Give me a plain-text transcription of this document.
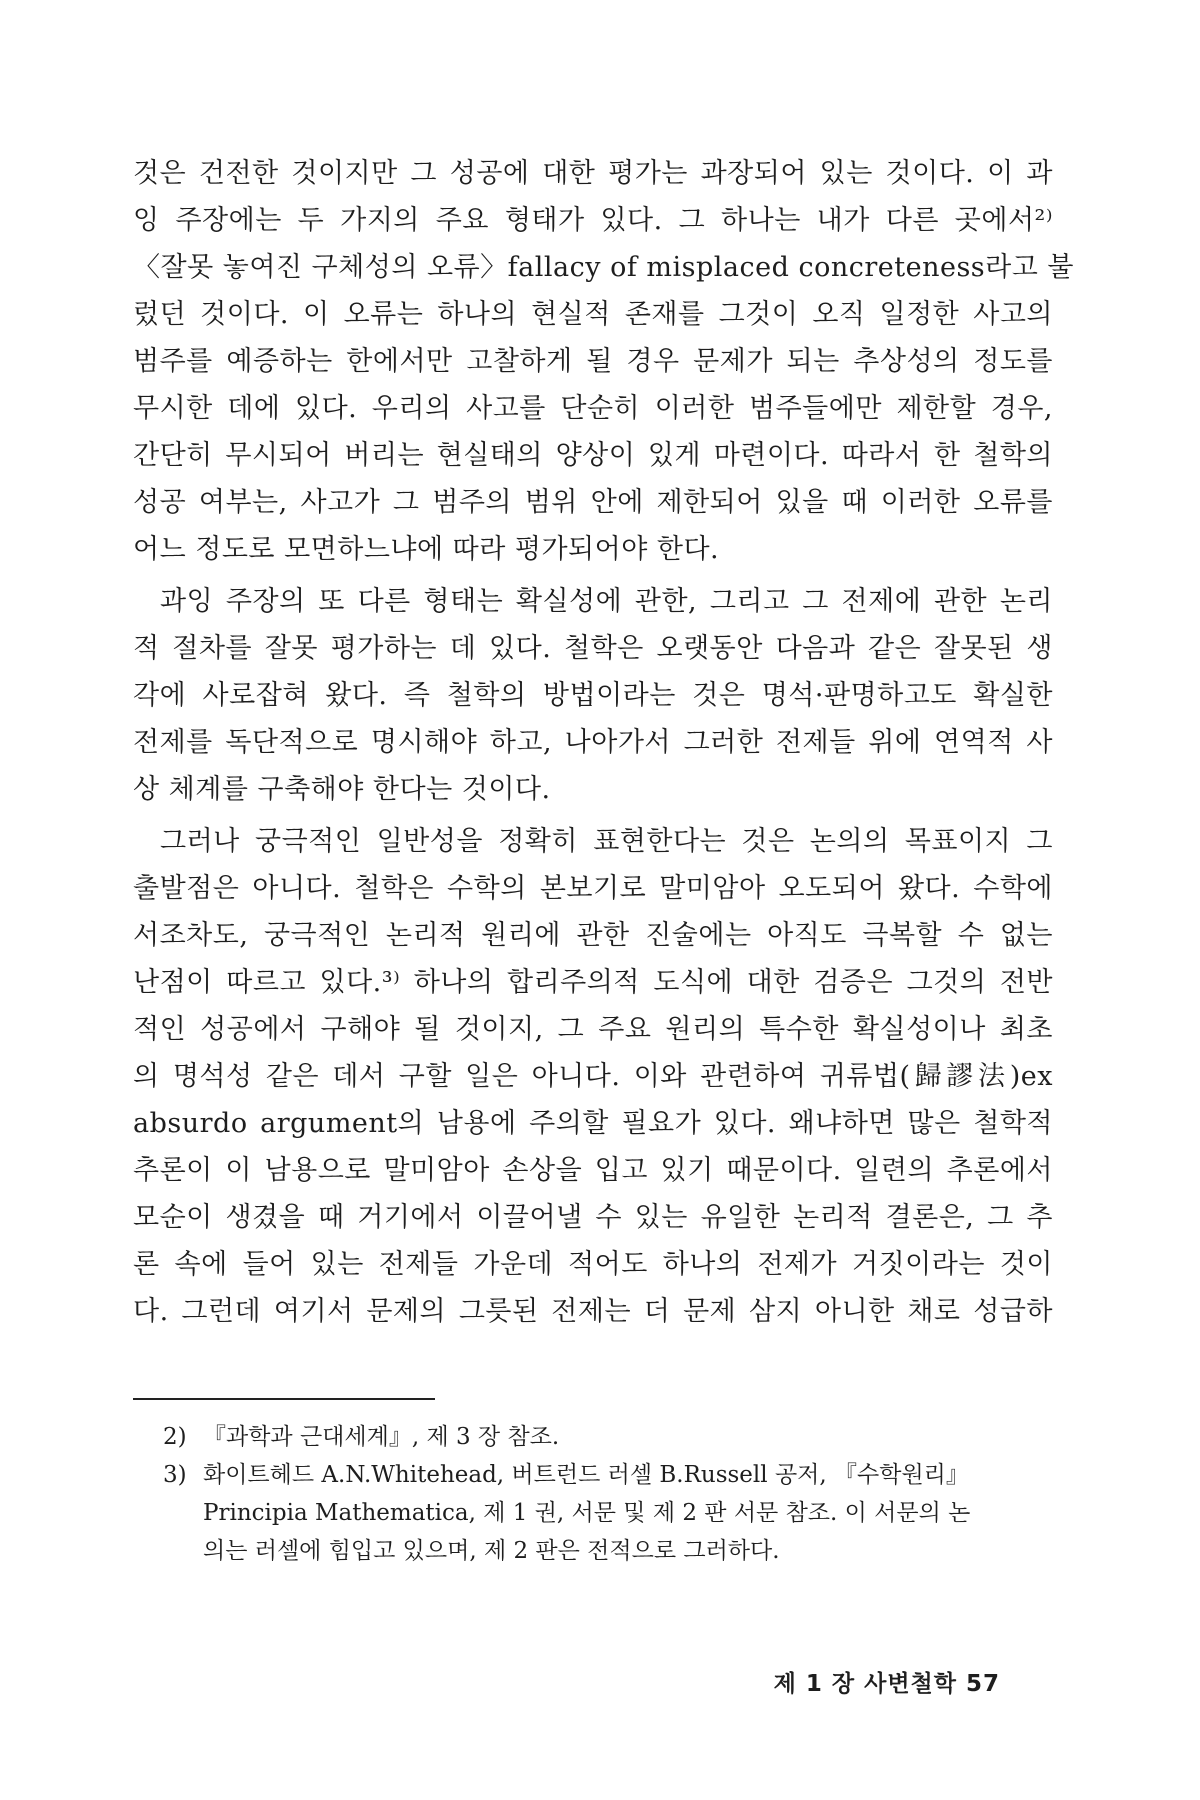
것은 건전한 것이지만 그 성공에 대한 평가는 과장되어 있는 것이다. 이 과
잉 주장에는 두 가지의 주요 형태가 있다. 그 하나는 내가 다른 곳에서²⁾
〈잘못 놓여진 구체성의 오류〉fallacy of misplaced concreteness라고 불
렀던 것이다. 이 오류는 하나의 현실적 존재를 그것이 오직 일정한 사고의
범주를 예증하는 한에서만 고찰하게 될 경우 문제가 되는 추상성의 정도를
무시한 데에 있다. 우리의 사고를 단순히 이러한 범주들에만 제한할 경우,
간단히 무시되어 버리는 현실태의 양상이 있게 마련이다. 따라서 한 철학의
성공 여부는, 사고가 그 범주의 범위 안에 제한되어 있을 때 이러한 오류를
어느 정도로 모면하느냐에 따라 평가되어야 한다.
과잉 주장의 또 다른 형태는 확실성에 관한, 그리고 그 전제에 관한 논리
적 절차를 잘못 평가하는 데 있다. 철학은 오랫동안 다음과 같은 잘못된 생
각에 사로잡혀 왔다. 즉 철학의 방법이라는 것은 명석·판명하고도 확실한
전제를 독단적으로 명시해야 하고, 나아가서 그러한 전제들 위에 연역적 사
상 체계를 구축해야 한다는 것이다.
그러나 궁극적인 일반성을 정확히 표현한다는 것은 논의의 목표이지 그
출발점은 아니다. 철학은 수학의 본보기로 말미암아 오도되어 왔다. 수학에
서조차도, 궁극적인 논리적 원리에 관한 진술에는 아직도 극복할 수 없는
난점이 따르고 있다.³⁾ 하나의 합리주의적 도식에 대한 검증은 그것의 전반
적인 성공에서 구해야 될 것이지, 그 주요 원리의 특수한 확실성이나 최초
의 명석성 같은 데서 구할 일은 아니다. 이와 관련하여 귀류법(歸謬法)ex
absurdo argument의 남용에 주의할 필요가 있다. 왜냐하면 많은 철학적
추론이 이 남용으로 말미암아 손상을 입고 있기 때문이다. 일련의 추론에서
모순이 생겼을 때 거기에서 이끌어낼 수 있는 유일한 논리적 결론은, 그 추
론 속에 들어 있는 전제들 가운데 적어도 하나의 전제가 거짓이라는 것이
다. 그런데 여기서 문제의 그릇된 전제는 더 문제 삼지 아니한 채로 성급하
2) 『과학과 근대세계』, 제 3 장 참조.
3) 화이트헤드 A.N.Whitehead, 버트런드 러셀 B.Russell 공저, 『수학원리』
Principia Mathematica, 제 1 권, 서문 및 제 2 판 서문 참조. 이 서문의 논
의는 러셀에 힘입고 있으며, 제 2 판은 전적으로 그러하다.
제 1 장 사변철학 57
